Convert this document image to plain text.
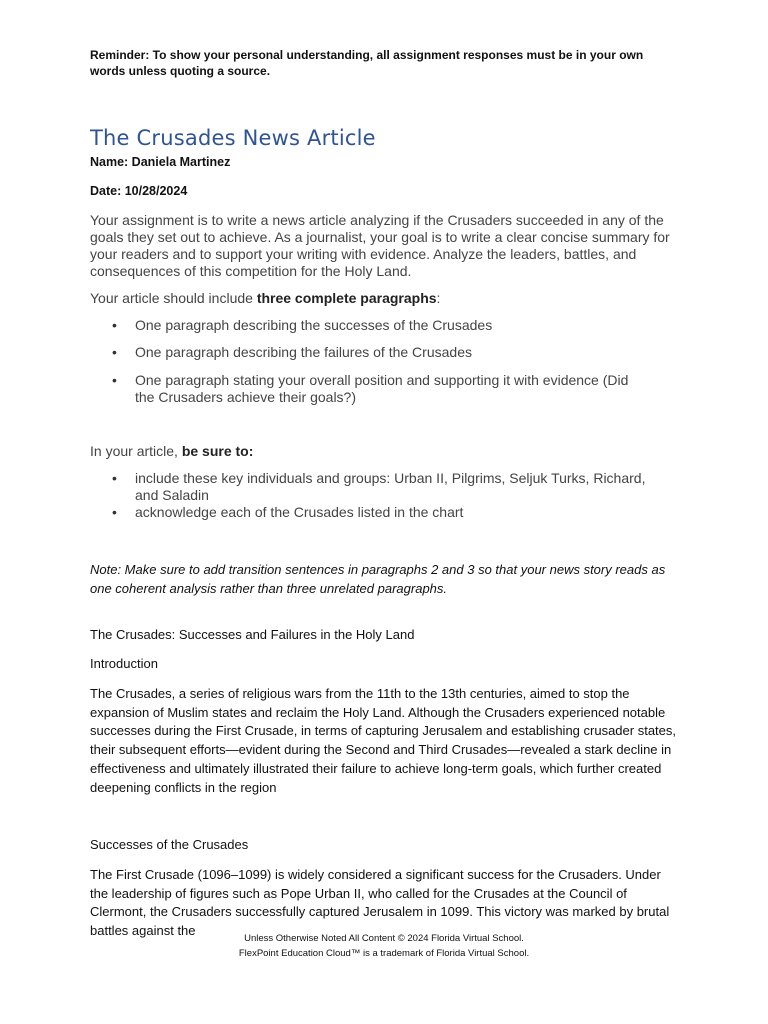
Reminder: To show your personal understanding, all assignment responses must be in your own words unless quoting a source.
The Crusades News Article
Name: Daniela Martinez
Date: 10/28/2024

Your assignment is to write a news article analyzing if the Crusaders succeeded in any of the goals they set out to achieve. As a journalist, your goal is to write a clear concise summary for your readers and to support your writing with evidence. Analyze the leaders, battles, and consequences of this competition for the Holy Land.

Your article should include three complete paragraphs:

• One paragraph describing the successes of the Crusades
• One paragraph describing the failures of the Crusades
• One paragraph stating your overall position and supporting it with evidence (Did the Crusaders achieve their goals?)

In your article, be sure to:

• include these key individuals and groups: Urban II, Pilgrims, Seljuk Turks, Richard, and Saladin
• acknowledge each of the Crusades listed in the chart

Note: Make sure to add transition sentences in paragraphs 2 and 3 so that your news story reads as one coherent analysis rather than three unrelated paragraphs.

The Crusades: Successes and Failures in the Holy Land

Introduction

The Crusades, a series of religious wars from the 11th to the 13th centuries, aimed to stop the expansion of Muslim states and reclaim the Holy Land. Although the Crusaders experienced notable successes during the First Crusade, in terms of capturing Jerusalem and establishing crusader states, their subsequent efforts—evident during the Second and Third Crusades—revealed a stark decline in effectiveness and ultimately illustrated their failure to achieve long-term goals, which further created deepening conflicts in the region

Successes of the Crusades

The First Crusade (1096–1099) is widely considered a significant success for the Crusaders. Under the leadership of figures such as Pope Urban II, who called for the Crusades at the Council of Clermont, the Crusaders successfully captured Jerusalem in 1099. This victory was marked by brutal battles against the

Unless Otherwise Noted All Content © 2024 Florida Virtual School.
FlexPoint Education Cloud™ is a trademark of Florida Virtual School.
